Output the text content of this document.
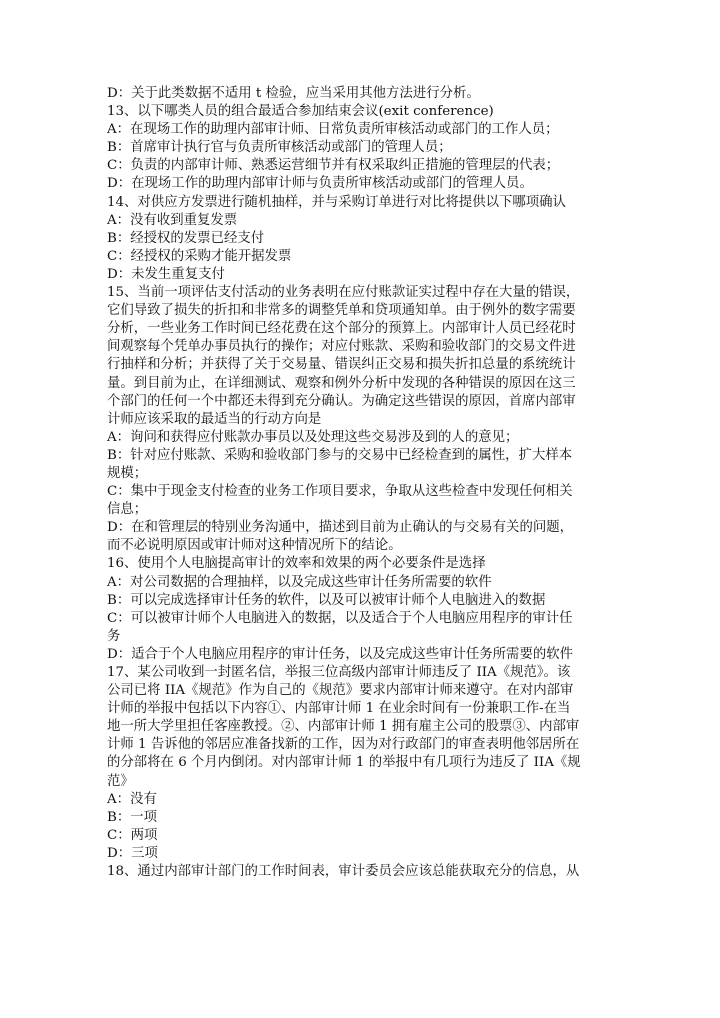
D：关于此类数据不适用 t 检验，应当采用其他方法进行分析。
13、以下哪类人员的组合最适合参加结束会议(exit conference)
A：在现场工作的助理内部审计师、日常负责所审核活动或部门的工作人员；
B：首席审计执行官与负责所审核活动或部门的管理人员；
C：负责的内部审计师、熟悉运营细节并有权采取纠正措施的管理层的代表；
D：在现场工作的助理内部审计师与负责所审核活动或部门的管理人员。
14、对供应方发票进行随机抽样，并与采购订单进行对比将提供以下哪项确认
A：没有收到重复发票
B：经授权的发票已经支付
C：经授权的采购才能开据发票
D：未发生重复支付
15、当前一项评估支付活动的业务表明在应付账款证实过程中存在大量的错误，
它们导致了损失的折扣和非常多的调整凭单和贷项通知单。由于例外的数字需要
分析，一些业务工作时间已经花费在这个部分的预算上。内部审计人员已经花时
间观察每个凭单办事员执行的操作；对应付账款、采购和验收部门的交易文件进
行抽样和分析；并获得了关于交易量、错误纠正交易和损失折扣总量的系统统计
量。到目前为止，在详细测试、观察和例外分析中发现的各种错误的原因在这三
个部门的任何一个中都还未得到充分确认。为确定这些错误的原因，首席内部审
计师应该采取的最适当的行动方向是
A：询问和获得应付账款办事员以及处理这些交易涉及到的人的意见；
B：针对应付账款、采购和验收部门参与的交易中已经检查到的属性，扩大样本
规模；
C：集中于现金支付检查的业务工作项目要求，争取从这些检查中发现任何相关
信息；
D：在和管理层的特别业务沟通中，描述到目前为止确认的与交易有关的问题，
而不必说明原因或审计师对这种情况所下的结论。
16、使用个人电脑提高审计的效率和效果的两个必要条件是选择
A：对公司数据的合理抽样，以及完成这些审计任务所需要的软件
B：可以完成选择审计任务的软件，以及可以被审计师个人电脑进入的数据
C：可以被审计师个人电脑进入的数据，以及适合于个人电脑应用程序的审计任
务
D：适合于个人电脑应用程序的审计任务，以及完成这些审计任务所需要的软件
17、某公司收到一封匿名信，举报三位高级内部审计师违反了 IIA《规范》。该
公司已将 IIA《规范》作为自己的《规范》要求内部审计师来遵守。在对内部审
计师的举报中包括以下内容①、内部审计师 1 在业余时间有一份兼职工作-在当
地一所大学里担任客座教授。②、内部审计师 1 拥有雇主公司的股票③、内部审
计师 1 告诉他的邻居应准备找新的工作，因为对行政部门的审查表明他邻居所在
的分部将在 6 个月内倒闭。对内部审计师 1 的举报中有几项行为违反了 IIA《规
范》
A：没有
B：一项
C：两项
D：三项
18、通过内部审计部门的工作时间表，审计委员会应该总能获取充分的信息，从
